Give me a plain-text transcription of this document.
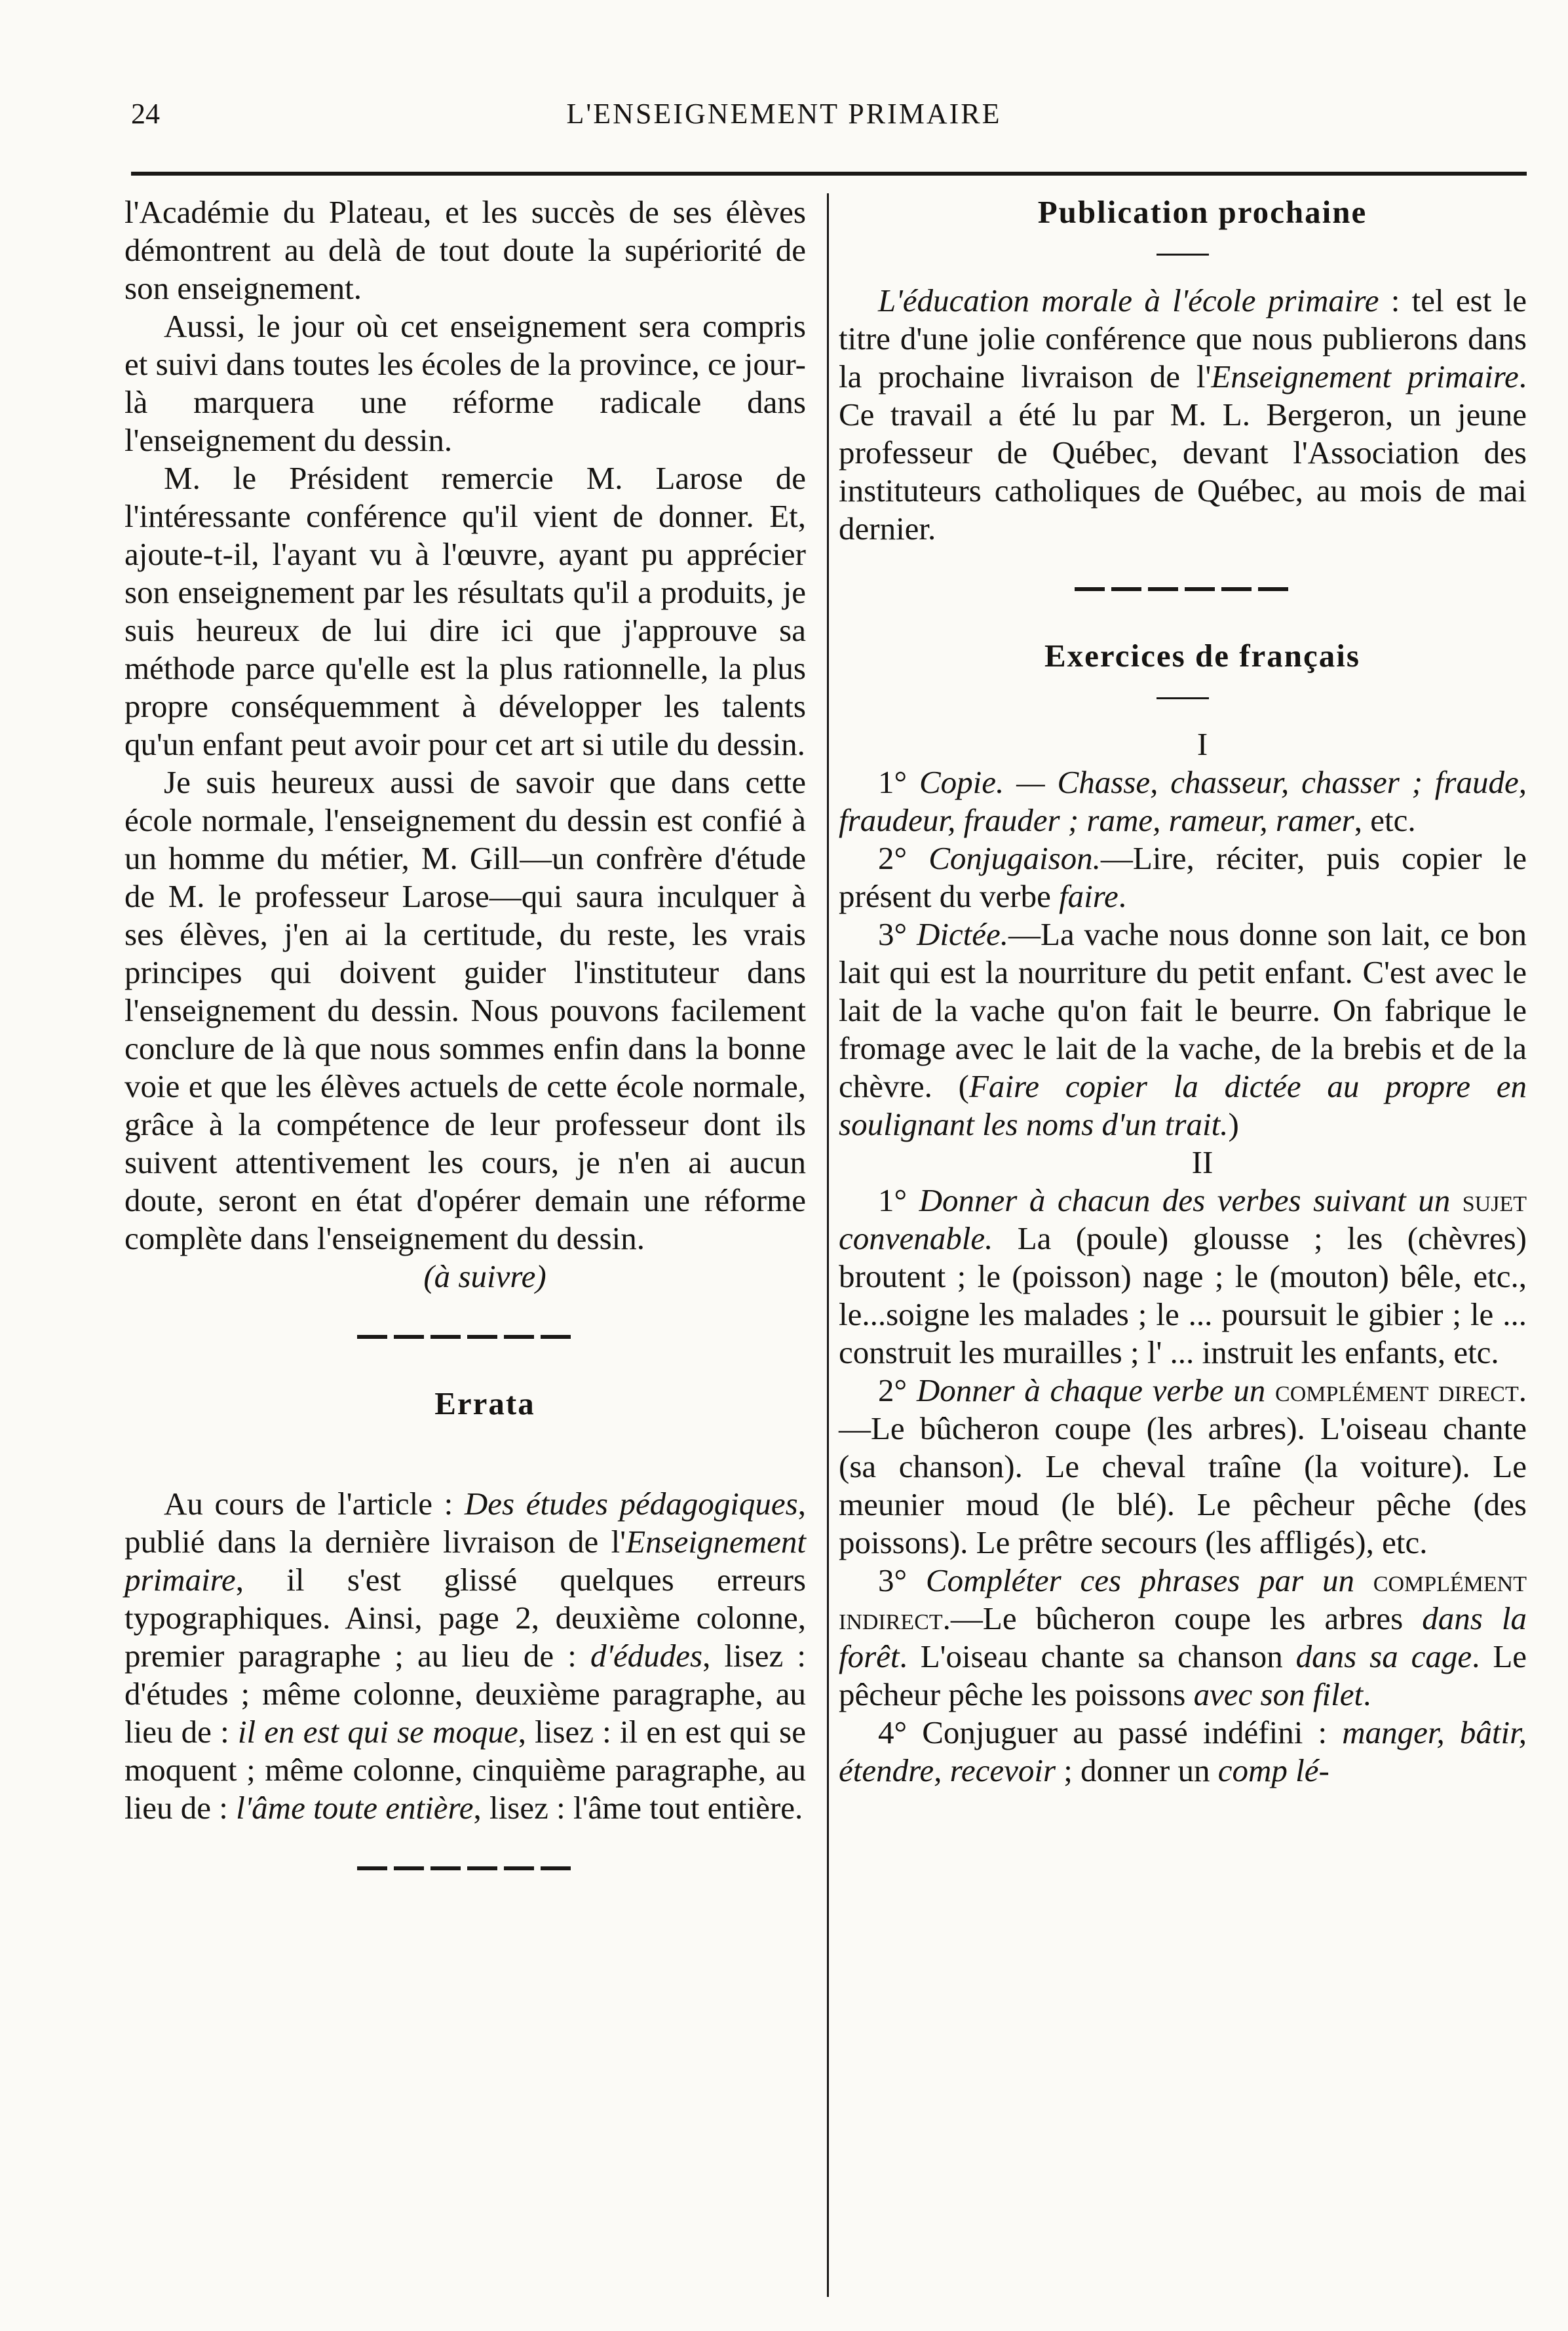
24	L'ENSEIGNEMENT PRIMAIRE

l'Académie du Plateau, et les succès de ses élèves démontrent au delà de tout doute la supériorité de son enseignement.

Aussi, le jour où cet enseignement sera compris et suivi dans toutes les écoles de la province, ce jour-là marquera une réforme radicale dans l'enseignement du dessin.

M. le Président remercie M. Larose de l'intéressante conférence qu'il vient de donner. Et, ajoute-t-il, l'ayant vu à l'œuvre, ayant pu apprécier son enseignement par les résultats qu'il a produits, je suis heureux de lui dire ici que j'approuve sa méthode parce qu'elle est la plus rationnelle, la plus propre conséquemment à développer les talents qu'un enfant peut avoir pour cet art si utile du dessin.

Je suis heureux aussi de savoir que dans cette école normale, l'enseignement du dessin est confié à un homme du métier, M. Gill—un confrère d'étude de M. le professeur Larose—qui saura inculquer à ses élèves, j'en ai la certitude, du reste, les vrais principes qui doivent guider l'instituteur dans l'enseignement du dessin. Nous pouvons facilement conclure de là que nous sommes enfin dans la bonne voie et que les élèves actuels de cette école normale, grâce à la compétence de leur professeur dont ils suivent attentivement les cours, je n'en ai aucun doute, seront en état d'opérer demain une réforme complète dans l'enseignement du dessin.

(à suivre)

Errata

Au cours de l'article : Des études pédagogiques, publié dans la dernière livraison de l'Enseignement primaire, il s'est glissé quelques erreurs typographiques. Ainsi, page 2, deuxième colonne, premier paragraphe ; au lieu de : d'édudes, lisez : d'études ; même colonne, deuxième paragraphe, au lieu de : il en est qui se moque, lisez : il en est qui se moquent ; même colonne, cinquième paragraphe, au lieu de : l'âme toute entière, lisez : l'âme tout entière.

Publication prochaine

L'éducation morale à l'école primaire : tel est le titre d'une jolie conférence que nous publierons dans la prochaine livraison de l'Enseignement primaire. Ce travail a été lu par M. L. Bergeron, un jeune professeur de Québec, devant l'Association des instituteurs catholiques de Québec, au mois de mai dernier.

Exercices de français

I

1° Copie. — Chasse, chasseur, chasser ; fraude, fraudeur, frauder ; rame, rameur, ramer, etc.

2° Conjugaison.—Lire, réciter, puis copier le présent du verbe faire.

3° Dictée.—La vache nous donne son lait, ce bon lait qui est la nourriture du petit enfant. C'est avec le lait de la vache qu'on fait le beurre. On fabrique le fromage avec le lait de la vache, de la brebis et de la chèvre. (Faire copier la dictée au propre en soulignant les noms d'un trait.)

II

1° Donner à chacun des verbes suivant un sujet convenable. La (poule) glousse ; les (chèvres) broutent ; le (poisson) nage ; le (mouton) bêle, etc., le...soigne les malades ; le ... poursuit le gibier ; le ... construit les murailles ; l' ... instruit les enfants, etc.

2° Donner à chaque verbe un complément direct.—Le bûcheron coupe (les arbres). L'oiseau chante (sa chanson). Le cheval traîne (la voiture). Le meunier moud (le blé). Le pêcheur pêche (des poissons). Le prêtre secours (les affligés), etc.

3° Compléter ces phrases par un complément indirect.—Le bûcheron coupe les arbres dans la forêt. L'oiseau chante sa chanson dans sa cage. Le pêcheur pêche les poissons avec son filet.

4° Conjuguer au passé indéfini : manger, bâtir, étendre, recevoir ; donner un comp lé-
